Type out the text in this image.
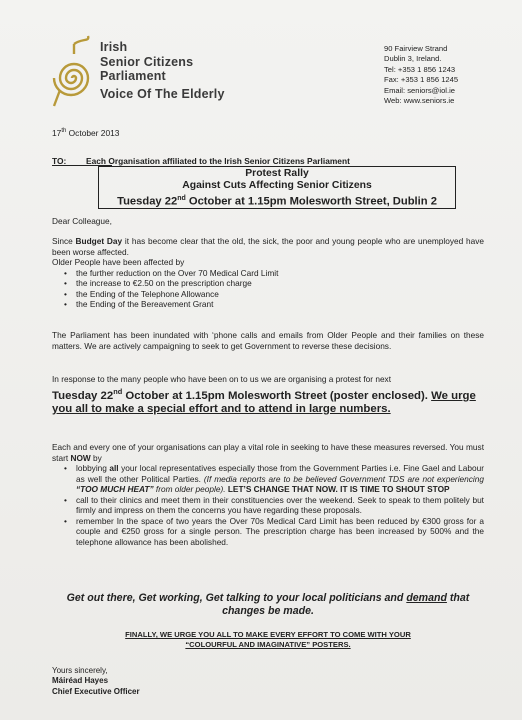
Irish
Senior Citizens
Parliament
Voice Of The Elderly
90 Fairview Strand
Dublin 3, Ireland.
Tel: +353 1 856 1243
Fax: +353 1 856 1245
Email: seniors@iol.ie
Web: www.seniors.ie
17th October 2013
TO: Each Organisation affiliated to the Irish Senior Citizens Parliament
Protest Rally
Against Cuts Affecting Senior Citizens
Tuesday 22nd October at 1.15pm Molesworth Street, Dublin 2
Dear Colleague,
Since Budget Day it has become clear that the old, the sick, the poor and young people who are unemployed have been worse affected.
Older People have been affected by
• the further reduction on the Over 70 Medical Card Limit
• the increase to €2.50 on the prescription charge
• the Ending of the Telephone Allowance
• the Ending of the Bereavement Grant
The Parliament has been inundated with ‘phone calls and emails from Older People and their families on these matters. We are actively campaigning to seek to get Government to reverse these decisions.
In response to the many people who have been on to us we are organising a protest for next
Tuesday 22nd October at 1.15pm Molesworth Street (poster enclosed). We urge you all to make a special effort and to attend in large numbers.
Each and every one of your organisations can play a vital role in seeking to have these measures reversed. You must start NOW by
• lobbying all your local representatives especially those from the Government Parties i.e. Fine Gael and Labour as well the other Political Parties. (If media reports are to be believed Government TDS are not experiencing “TOO MUCH HEAT” from older people). LET’S CHANGE THAT NOW. IT IS TIME TO SHOUT STOP
• call to their clinics and meet them in their constituencies over the weekend. Seek to speak to them politely but firmly and impress on them the concerns you have regarding these proposals.
• remember In the space of two years the Over 70s Medical Card Limit has been reduced by €300 gross for a couple and €250 gross for a single person. The prescription charge has been increased by 500% and the telephone allowance has been abolished.
Get out there, Get working, Get talking to your local politicians and demand that changes be made.
FINALLY, WE URGE YOU ALL TO MAKE EVERY EFFORT TO COME WITH YOUR
“COLOURFUL AND IMAGINATIVE” POSTERS.
Yours sincerely,
Máiréad Hayes
Chief Executive Officer
